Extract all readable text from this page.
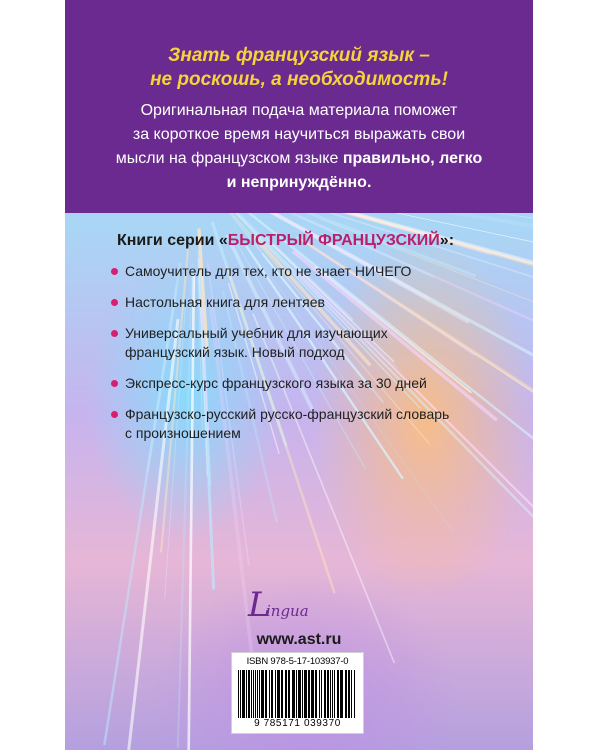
Знать французский язык –
не роскошь, а необходимость!
Оригинальная подача материала поможет
за короткое время научиться выражать свои
мысли на французском языке правильно, легко
и непринуждённо.
Книги серии «БЫСТРЫЙ ФРАНЦУЗСКИЙ»:
Самоучитель для тех, кто не знает НИЧЕГО
Настольная книга для лентяев
Универсальный учебник для изучающих
французский язык. Новый подход
Экспресс-курс французского языка за 30 дней
Французско-русский русско-французский словарь
с произношением
L
ingua
www.ast.ru
ISBN 978-5-17-103937-0
9 785171 039370
